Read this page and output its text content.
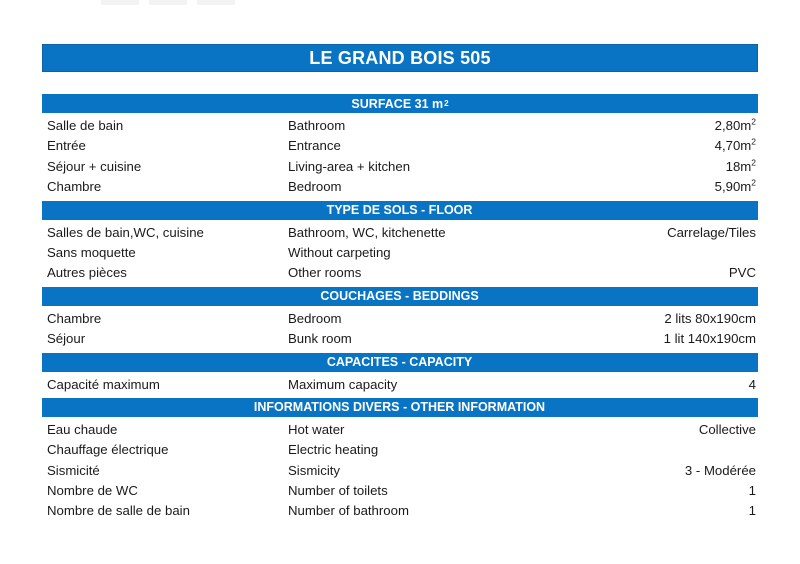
LE GRAND BOIS 505
SURFACE 31 m 2
Salle de bain	Bathroom	$2,80m^2$
Entrée	Entrance	$4,70m^2$
Séjour + cuisine	Living-area + kitchen	$18m^2$
Chambre	Bedroom	$5,90m^2$
TYPE DE SOLS - FLOOR
Salles de bain,WC, cuisine	Bathroom, WC, kitchenette	Carrelage/Tiles
Sans moquette	Without carpeting
Autres pièces	Other rooms	PVC
COUCHAGES - BEDDINGS
Chambre	Bedroom	2 lits 80x190cm
Séjour	Bunk room	1 lit 140x190cm
CAPACITES - CAPACITY
Capacité maximum	Maximum capacity	4
INFORMATIONS DIVERS - OTHER INFORMATION
Eau chaude	Hot water	Collective
Chauffage électrique	Electric heating
Sismicité	Sismicity	3 - Modérée
Nombre de WC	Number of toilets	1
Nombre de salle de bain	Number of bathroom	1
